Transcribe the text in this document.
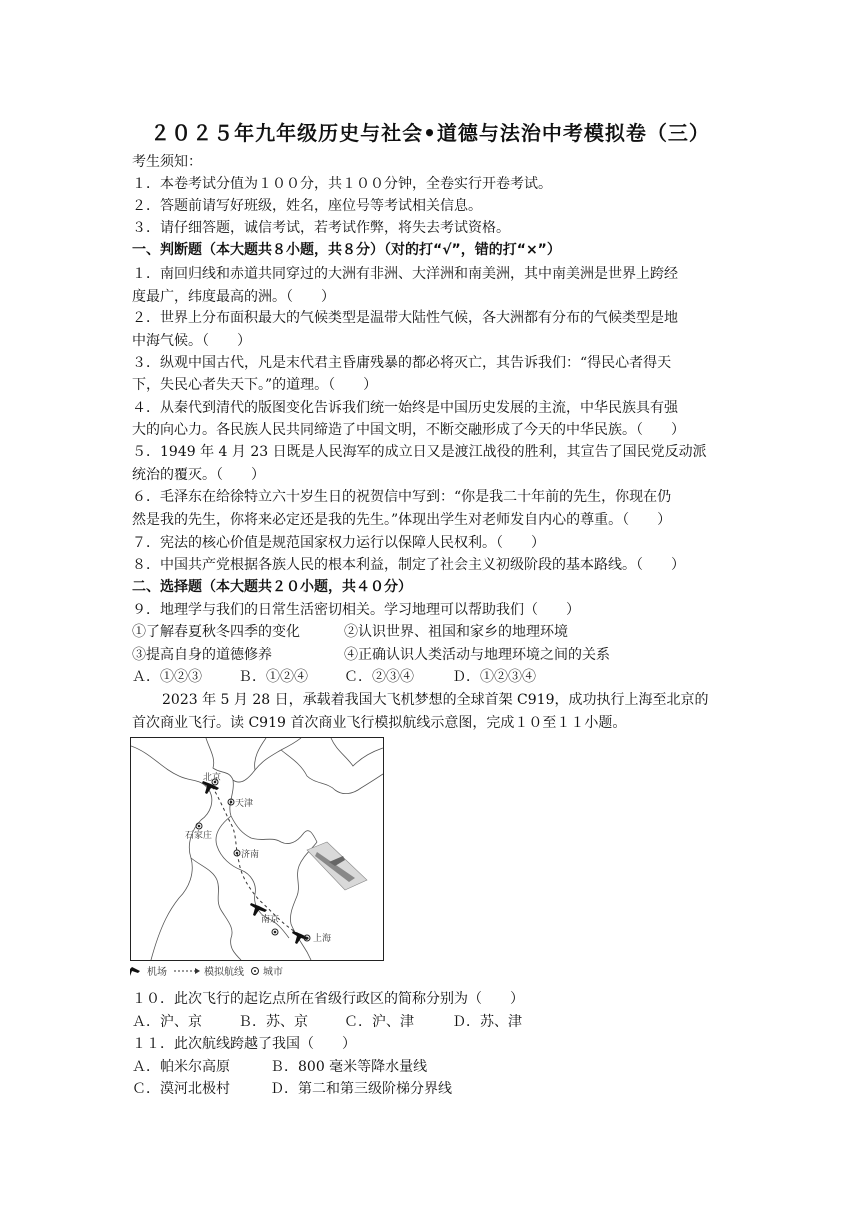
２０２５年九年级历史与社会•道德与法治中考模拟卷（三）
考生须知：
１．本卷考试分值为１００分，共１００分钟，全卷实行开卷考试。
２．答题前请写好班级，姓名，座位号等考试相关信息。
３．请仔细答题，诚信考试，若考试作弊，将失去考试资格。
一、判断题（本大题共８小题，共８分）（对的打“√”，错的打“×”）
１．南回归线和赤道共同穿过的大洲有非洲、大洋洲和南美洲，其中南美洲是世界上跨经
度最广，纬度最高的洲。（　　）
２．世界上分布面积最大的气候类型是温带大陆性气候，各大洲都有分布的气候类型是地
中海气候。（　　）
３．纵观中国古代，凡是末代君主昏庸残暴的都必将灭亡，其告诉我们：“得民心者得天
下，失民心者失天下。”的道理。（　　）
４．从秦代到清代的版图变化告诉我们统一始终是中国历史发展的主流，中华民族具有强
大的向心力。各民族人民共同缔造了中国文明，不断交融形成了今天的中华民族。（　　）
５．1949 年 4 月 23 日既是人民海军的成立日又是渡江战役的胜利，其宣告了国民党反动派
统治的覆灭。（　　）
６．毛泽东在给徐特立六十岁生日的祝贺信中写到：“你是我二十年前的先生，你现在仍
然是我的先生，你将来必定还是我的先生。”体现出学生对老师发自内心的尊重。（　　）
７．宪法的核心价值是规范国家权力运行以保障人民权利。（　　）
８．中国共产党根据各族人民的根本利益，制定了社会主义初级阶段的基本路线。（　　）
二、选择题（本大题共２０小题，共４０分）
９．地理学与我们的日常生活密切相关。学习地理可以帮助我们（　　）
①了解春夏秋冬四季的变化	②认识世界、祖国和家乡的地理环境
③提高自身的道德修养	④正确认识人类活动与地理环境之间的关系
Ａ．①②③	Ｂ．①②④	Ｃ．②③④	Ｄ．①②③④
2023 年 5 月 28 日，承载着我国大飞机梦想的全球首架 C919，成功执行上海至北京的
首次商业飞行。读 C919 首次商业飞行模拟航线示意图，完成１０至１１小题。
北京
天津
石家庄
济南
南京
上海
机场	模拟航线 城市
１０．此次飞行的起讫点所在省级行政区的简称分别为（　　）
Ａ．沪、京	Ｂ．苏、京	Ｃ．沪、津	Ｄ．苏、津
１１．此次航线跨越了我国（　　）
Ａ．帕米尔高原	Ｂ．800 毫米等降水量线
Ｃ．漠河北极村	Ｄ．第二和第三级阶梯分界线
